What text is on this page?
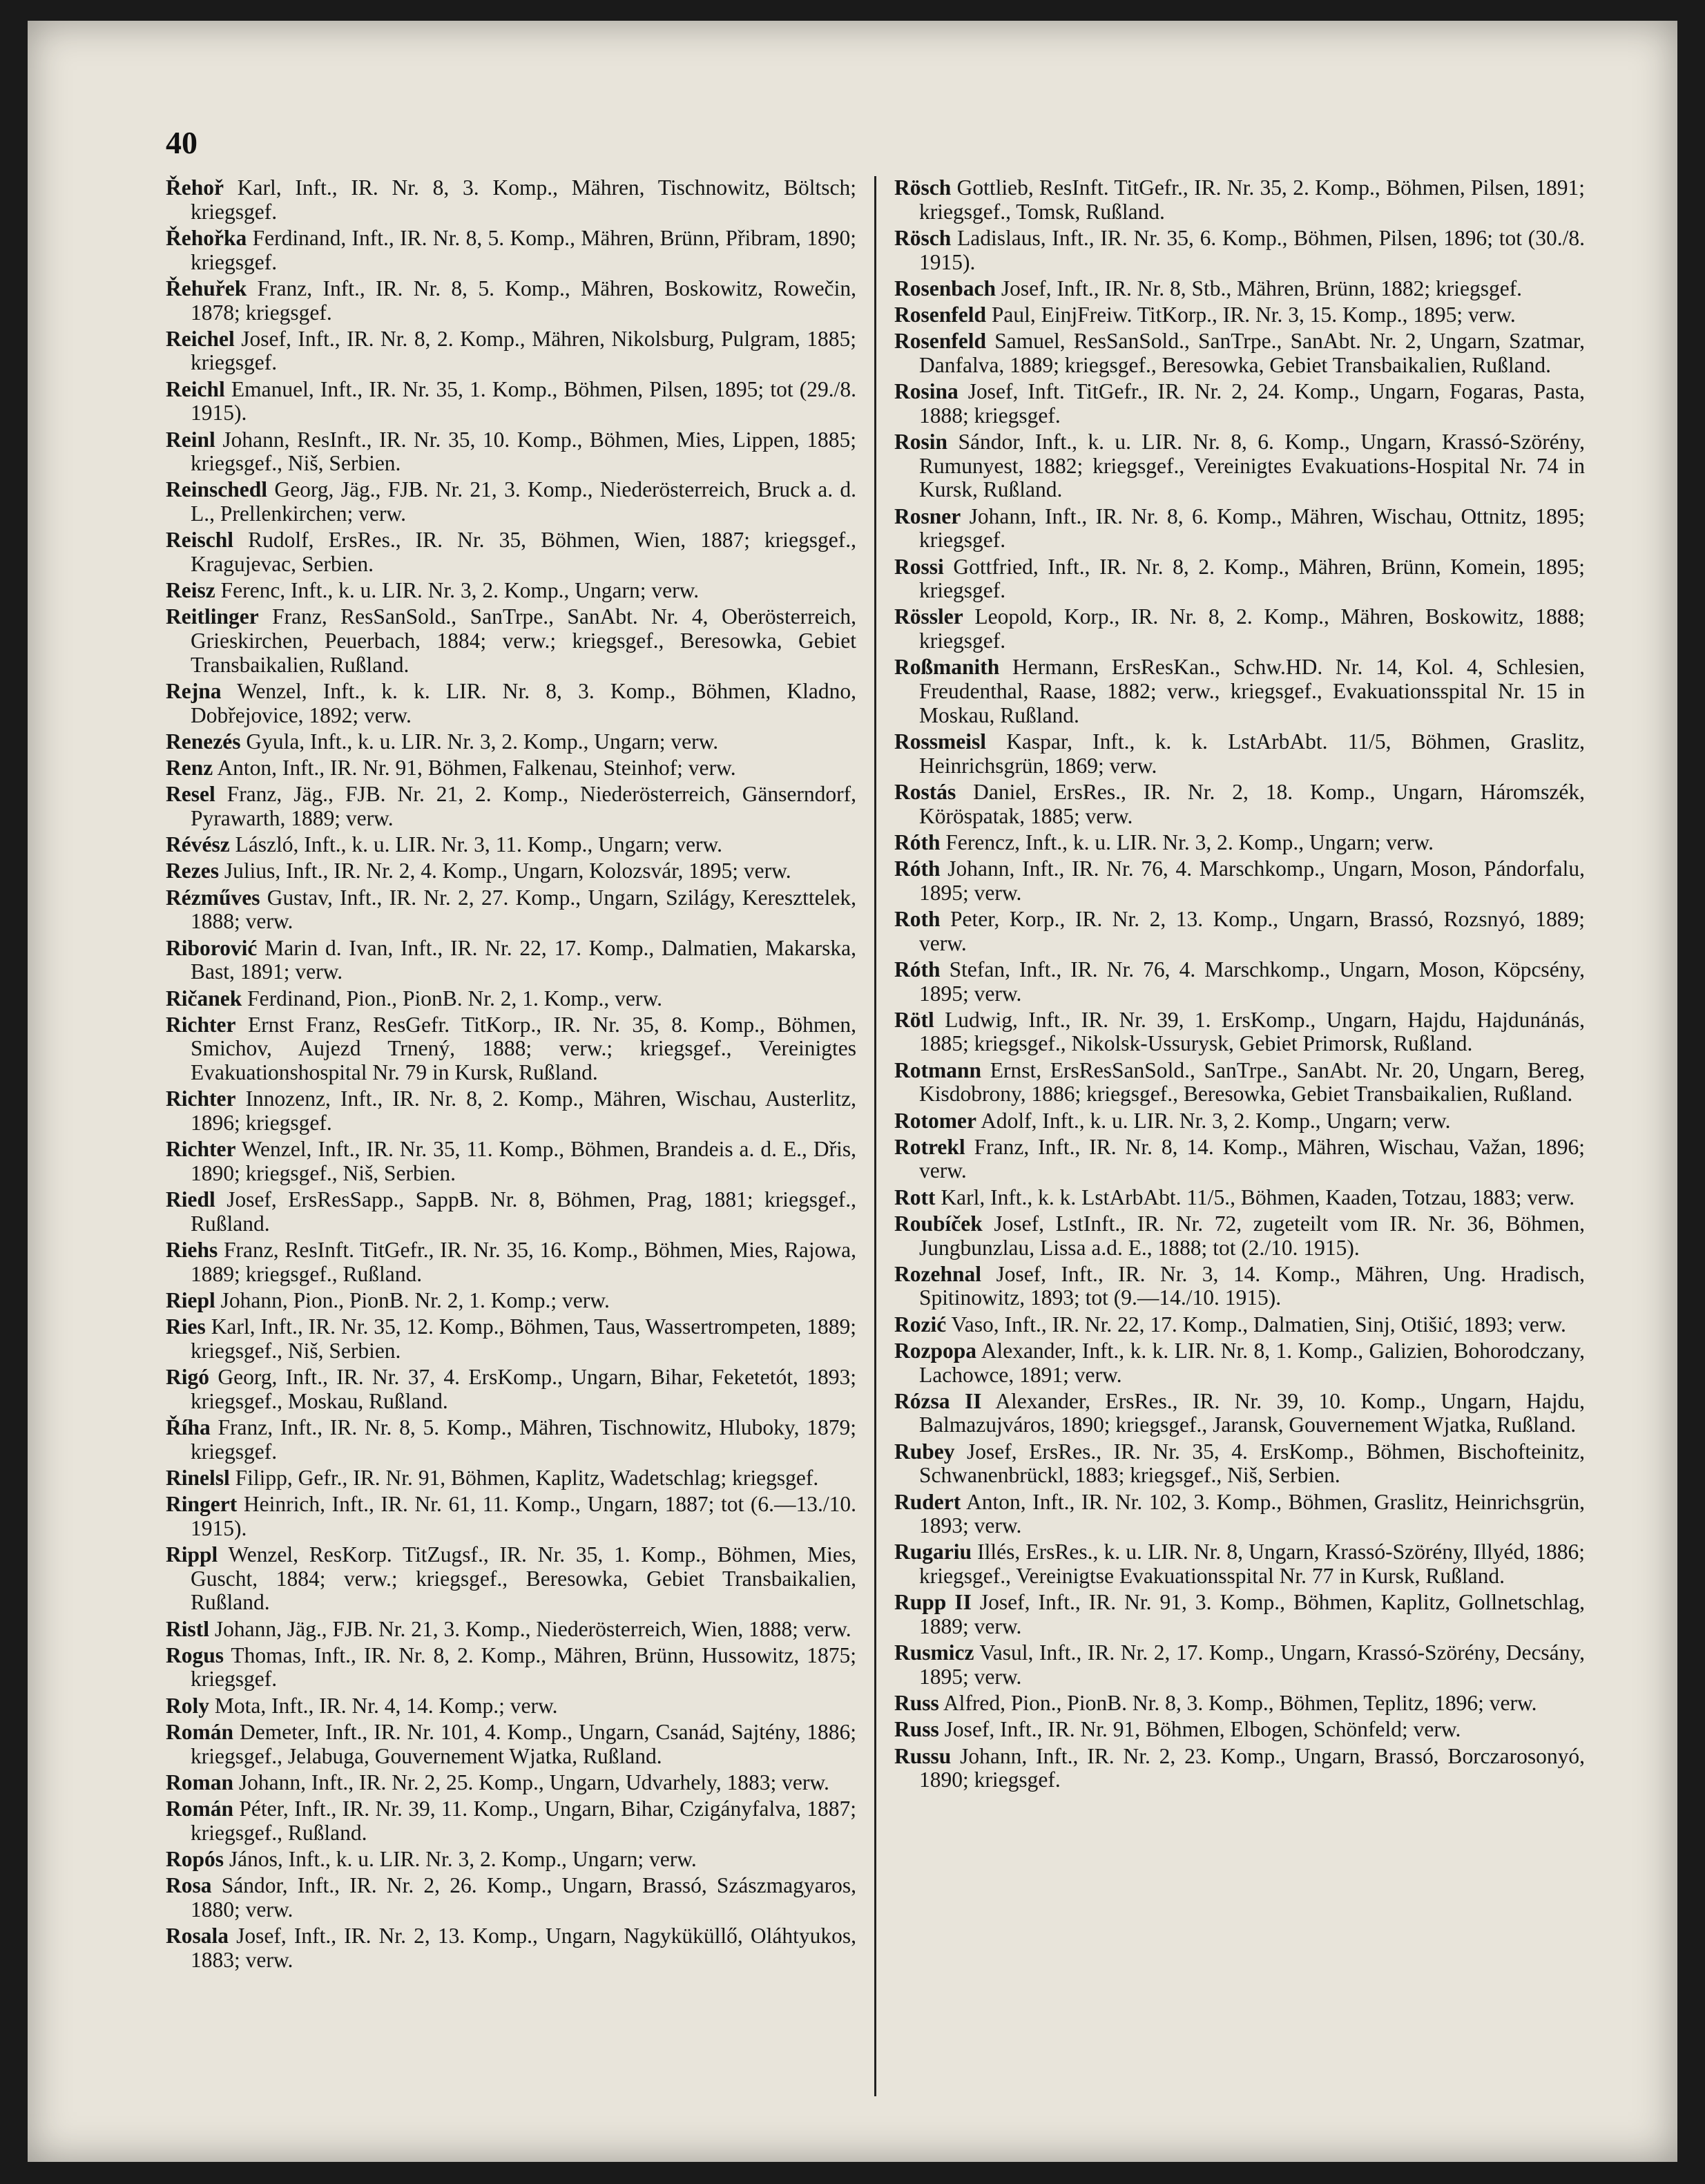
40

Řehoř Karl, Inft., IR. Nr. 8, 3. Komp., Mähren, Tischnowitz, Böltsch; kriegsgef.

Řehořka Ferdinand, Inft., IR. Nr. 8, 5. Komp., Mähren, Brünn, Přibram, 1890; kriegsgef.

Řehuřek Franz, Inft., IR. Nr. 8, 5. Komp., Mähren, Boskowitz, Rowečin, 1878; kriegsgef.

Reichel Josef, Inft., IR. Nr. 8, 2. Komp., Mähren, Nikolsburg, Pulgram, 1885; kriegsgef.

Reichl Emanuel, Inft., IR. Nr. 35, 1. Komp., Böhmen, Pilsen, 1895; tot (29./8. 1915).

Reinl Johann, ResInft., IR. Nr. 35, 10. Komp., Böhmen, Mies, Lippen, 1885; kriegsgef., Niš, Serbien.

Reinschedl Georg, Jäg., FJB. Nr. 21, 3. Komp., Niederösterreich, Bruck a. d. L., Prellenkirchen; verw.

Reischl Rudolf, ErsRes., IR. Nr. 35, Böhmen, Wien, 1887; kriegsgef., Kragujevac, Serbien.

Reisz Ferenc, Inft., k. u. LIR. Nr. 3, 2. Komp., Ungarn; verw.

Reitlinger Franz, ResSanSold., SanTrpe., SanAbt. Nr. 4, Oberösterreich, Grieskirchen, Peuerbach, 1884; verw.; kriegsgef., Beresowka, Gebiet Transbaikalien, Rußland.

Rejna Wenzel, Inft., k. k. LIR. Nr. 8, 3. Komp., Böhmen, Kladno, Dobřejovice, 1892; verw.

Renezés Gyula, Inft., k. u. LIR. Nr. 3, 2. Komp., Ungarn; verw.

Renz Anton, Inft., IR. Nr. 91, Böhmen, Falkenau, Steinhof; verw.

Resel Franz, Jäg., FJB. Nr. 21, 2. Komp., Niederösterreich, Gänserndorf, Pyrawarth, 1889; verw.

Révész László, Inft., k. u. LIR. Nr. 3, 11. Komp., Ungarn; verw.

Rezes Julius, Inft., IR. Nr. 2, 4. Komp., Ungarn, Kolozsvár, 1895; verw.

Rézműves Gustav, Inft., IR. Nr. 2, 27. Komp., Ungarn, Szilágy, Kereszttelek, 1888; verw.

Riborović Marin d. Ivan, Inft., IR. Nr. 22, 17. Komp., Dalmatien, Makarska, Bast, 1891; verw.

Ričanek Ferdinand, Pion., PionB. Nr. 2, 1. Komp., verw.

Richter Ernst Franz, ResGefr. TitKorp., IR. Nr. 35, 8. Komp., Böhmen, Smichov, Aujezd Trnený, 1888; verw.; kriegsgef., Vereinigtes Evakuationshospital Nr. 79 in Kursk, Rußland.

Richter Innozenz, Inft., IR. Nr. 8, 2. Komp., Mähren, Wischau, Austerlitz, 1896; kriegsgef.

Richter Wenzel, Inft., IR. Nr. 35, 11. Komp., Böhmen, Brandeis a. d. E., Dřis, 1890; kriegsgef., Niš, Serbien.

Riedl Josef, ErsResSapp., SappB. Nr. 8, Böhmen, Prag, 1881; kriegsgef., Rußland.

Riehs Franz, ResInft. TitGefr., IR. Nr. 35, 16. Komp., Böhmen, Mies, Rajowa, 1889; kriegsgef., Rußland.

Riepl Johann, Pion., PionB. Nr. 2, 1. Komp.; verw.

Ries Karl, Inft., IR. Nr. 35, 12. Komp., Böhmen, Taus, Wassertrompeten, 1889; kriegsgef., Niš, Serbien.

Rigó Georg, Inft., IR. Nr. 37, 4. ErsKomp., Ungarn, Bihar, Feketetót, 1893; kriegsgef., Moskau, Rußland.

Říha Franz, Inft., IR. Nr. 8, 5. Komp., Mähren, Tischnowitz, Hluboky, 1879; kriegsgef.

Rinelsl Filipp, Gefr., IR. Nr. 91, Böhmen, Kaplitz, Wadetschlag; kriegsgef.

Ringert Heinrich, Inft., IR. Nr. 61, 11. Komp., Ungarn, 1887; tot (6.—13./10. 1915).

Rippl Wenzel, ResKorp. TitZugsf., IR. Nr. 35, 1. Komp., Böhmen, Mies, Guscht, 1884; verw.; kriegsgef., Beresowka, Gebiet Transbaikalien, Rußland.

Ristl Johann, Jäg., FJB. Nr. 21, 3. Komp., Niederösterreich, Wien, 1888; verw.

Rogus Thomas, Inft., IR. Nr. 8, 2. Komp., Mähren, Brünn, Hussowitz, 1875; kriegsgef.

Roly Mota, Inft., IR. Nr. 4, 14. Komp.; verw.

Román Demeter, Inft., IR. Nr. 101, 4. Komp., Ungarn, Csanád, Sajtény, 1886; kriegsgef., Jelabuga, Gouvernement Wjatka, Rußland.

Roman Johann, Inft., IR. Nr. 2, 25. Komp., Ungarn, Udvarhely, 1883; verw.

Román Péter, Inft., IR. Nr. 39, 11. Komp., Ungarn, Bihar, Czigányfalva, 1887; kriegsgef., Rußland.

Ropós János, Inft., k. u. LIR. Nr. 3, 2. Komp., Ungarn; verw.

Rosa Sándor, Inft., IR. Nr. 2, 26. Komp., Ungarn, Brassó, Szászmagyaros, 1880; verw.

Rosala Josef, Inft., IR. Nr. 2, 13. Komp., Ungarn, Nagyküküllő, Oláhtyukos, 1883; verw.

Rösch Gottlieb, ResInft. TitGefr., IR. Nr. 35, 2. Komp., Böhmen, Pilsen, 1891; kriegsgef., Tomsk, Rußland.

Rösch Ladislaus, Inft., IR. Nr. 35, 6. Komp., Böhmen, Pilsen, 1896; tot (30./8. 1915).

Rosenbach Josef, Inft., IR. Nr. 8, Stb., Mähren, Brünn, 1882; kriegsgef.

Rosenfeld Paul, EinjFreiw. TitKorp., IR. Nr. 3, 15. Komp., 1895; verw.

Rosenfeld Samuel, ResSanSold., SanTrpe., SanAbt. Nr. 2, Ungarn, Szatmar, Danfalva, 1889; kriegsgef., Beresowka, Gebiet Transbaikalien, Rußland.

Rosina Josef, Inft. TitGefr., IR. Nr. 2, 24. Komp., Ungarn, Fogaras, Pasta, 1888; kriegsgef.

Rosin Sándor, Inft., k. u. LIR. Nr. 8, 6. Komp., Ungarn, Krassó-Szörény, Rumunyest, 1882; kriegsgef., Vereinigtes Evakuations-Hospital Nr. 74 in Kursk, Rußland.

Rosner Johann, Inft., IR. Nr. 8, 6. Komp., Mähren, Wischau, Ottnitz, 1895; kriegsgef.

Rossi Gottfried, Inft., IR. Nr. 8, 2. Komp., Mähren, Brünn, Komein, 1895; kriegsgef.

Rössler Leopold, Korp., IR. Nr. 8, 2. Komp., Mähren, Boskowitz, 1888; kriegsgef.

Roßmanith Hermann, ErsResKan., Schw.HD. Nr. 14, Kol. 4, Schlesien, Freudenthal, Raase, 1882; verw., kriegsgef., Evakuationsspital Nr. 15 in Moskau, Rußland.

Rossmeisl Kaspar, Inft., k. k. LstArbAbt. 11/5, Böhmen, Graslitz, Heinrichsgrün, 1869; verw.

Rostás Daniel, ErsRes., IR. Nr. 2, 18. Komp., Ungarn, Háromszék, Köröspatak, 1885; verw.

Róth Ferencz, Inft., k. u. LIR. Nr. 3, 2. Komp., Ungarn; verw.

Róth Johann, Inft., IR. Nr. 76, 4. Marschkomp., Ungarn, Moson, Pándorfalu, 1895; verw.

Roth Peter, Korp., IR. Nr. 2, 13. Komp., Ungarn, Brassó, Rozsnyó, 1889; verw.

Róth Stefan, Inft., IR. Nr. 76, 4. Marschkomp., Ungarn, Moson, Köpcsény, 1895; verw.

Rötl Ludwig, Inft., IR. Nr. 39, 1. ErsKomp., Ungarn, Hajdu, Hajdunánás, 1885; kriegsgef., Nikolsk-Ussurysk, Gebiet Primorsk, Rußland.

Rotmann Ernst, ErsResSanSold., SanTrpe., SanAbt. Nr. 20, Ungarn, Bereg, Kisdobrony, 1886; kriegsgef., Beresowka, Gebiet Transbaikalien, Rußland.

Rotomer Adolf, Inft., k. u. LIR. Nr. 3, 2. Komp., Ungarn; verw.

Rotrekl Franz, Inft., IR. Nr. 8, 14. Komp., Mähren, Wischau, Važan, 1896; verw.

Rott Karl, Inft., k. k. LstArbAbt. 11/5., Böhmen, Kaaden, Totzau, 1883; verw.

Roubíček Josef, LstInft., IR. Nr. 72, zugeteilt vom IR. Nr. 36, Böhmen, Jungbunzlau, Lissa a.d. E., 1888; tot (2./10. 1915).

Rozehnal Josef, Inft., IR. Nr. 3, 14. Komp., Mähren, Ung. Hradisch, Spitinowitz, 1893; tot (9.—14./10. 1915).

Rozić Vaso, Inft., IR. Nr. 22, 17. Komp., Dalmatien, Sinj, Otišić, 1893; verw.

Rozpopa Alexander, Inft., k. k. LIR. Nr. 8, 1. Komp., Galizien, Bohorodczany, Lachowce, 1891; verw.

Rózsa II Alexander, ErsRes., IR. Nr. 39, 10. Komp., Ungarn, Hajdu, Balmazujváros, 1890; kriegsgef., Jaransk, Gouvernement Wjatka, Rußland.

Rubey Josef, ErsRes., IR. Nr. 35, 4. ErsKomp., Böhmen, Bischofteinitz, Schwanenbrückl, 1883; kriegsgef., Niš, Serbien.

Rudert Anton, Inft., IR. Nr. 102, 3. Komp., Böhmen, Graslitz, Heinrichsgrün, 1893; verw.

Rugariu Illés, ErsRes., k. u. LIR. Nr. 8, Ungarn, Krassó-Szörény, Illyéd, 1886; kriegsgef., Vereinigtse Evakuationsspital Nr. 77 in Kursk, Rußland.

Rupp II Josef, Inft., IR. Nr. 91, 3. Komp., Böhmen, Kaplitz, Gollnetschlag, 1889; verw.

Rusmicz Vasul, Inft., IR. Nr. 2, 17. Komp., Ungarn, Krassó-Szörény, Decsány, 1895; verw.

Russ Alfred, Pion., PionB. Nr. 8, 3. Komp., Böhmen, Teplitz, 1896; verw.

Russ Josef, Inft., IR. Nr. 91, Böhmen, Elbogen, Schönfeld; verw.

Russu Johann, Inft., IR. Nr. 2, 23. Komp., Ungarn, Brassó, Borczarosonyó, 1890; kriegsgef.
